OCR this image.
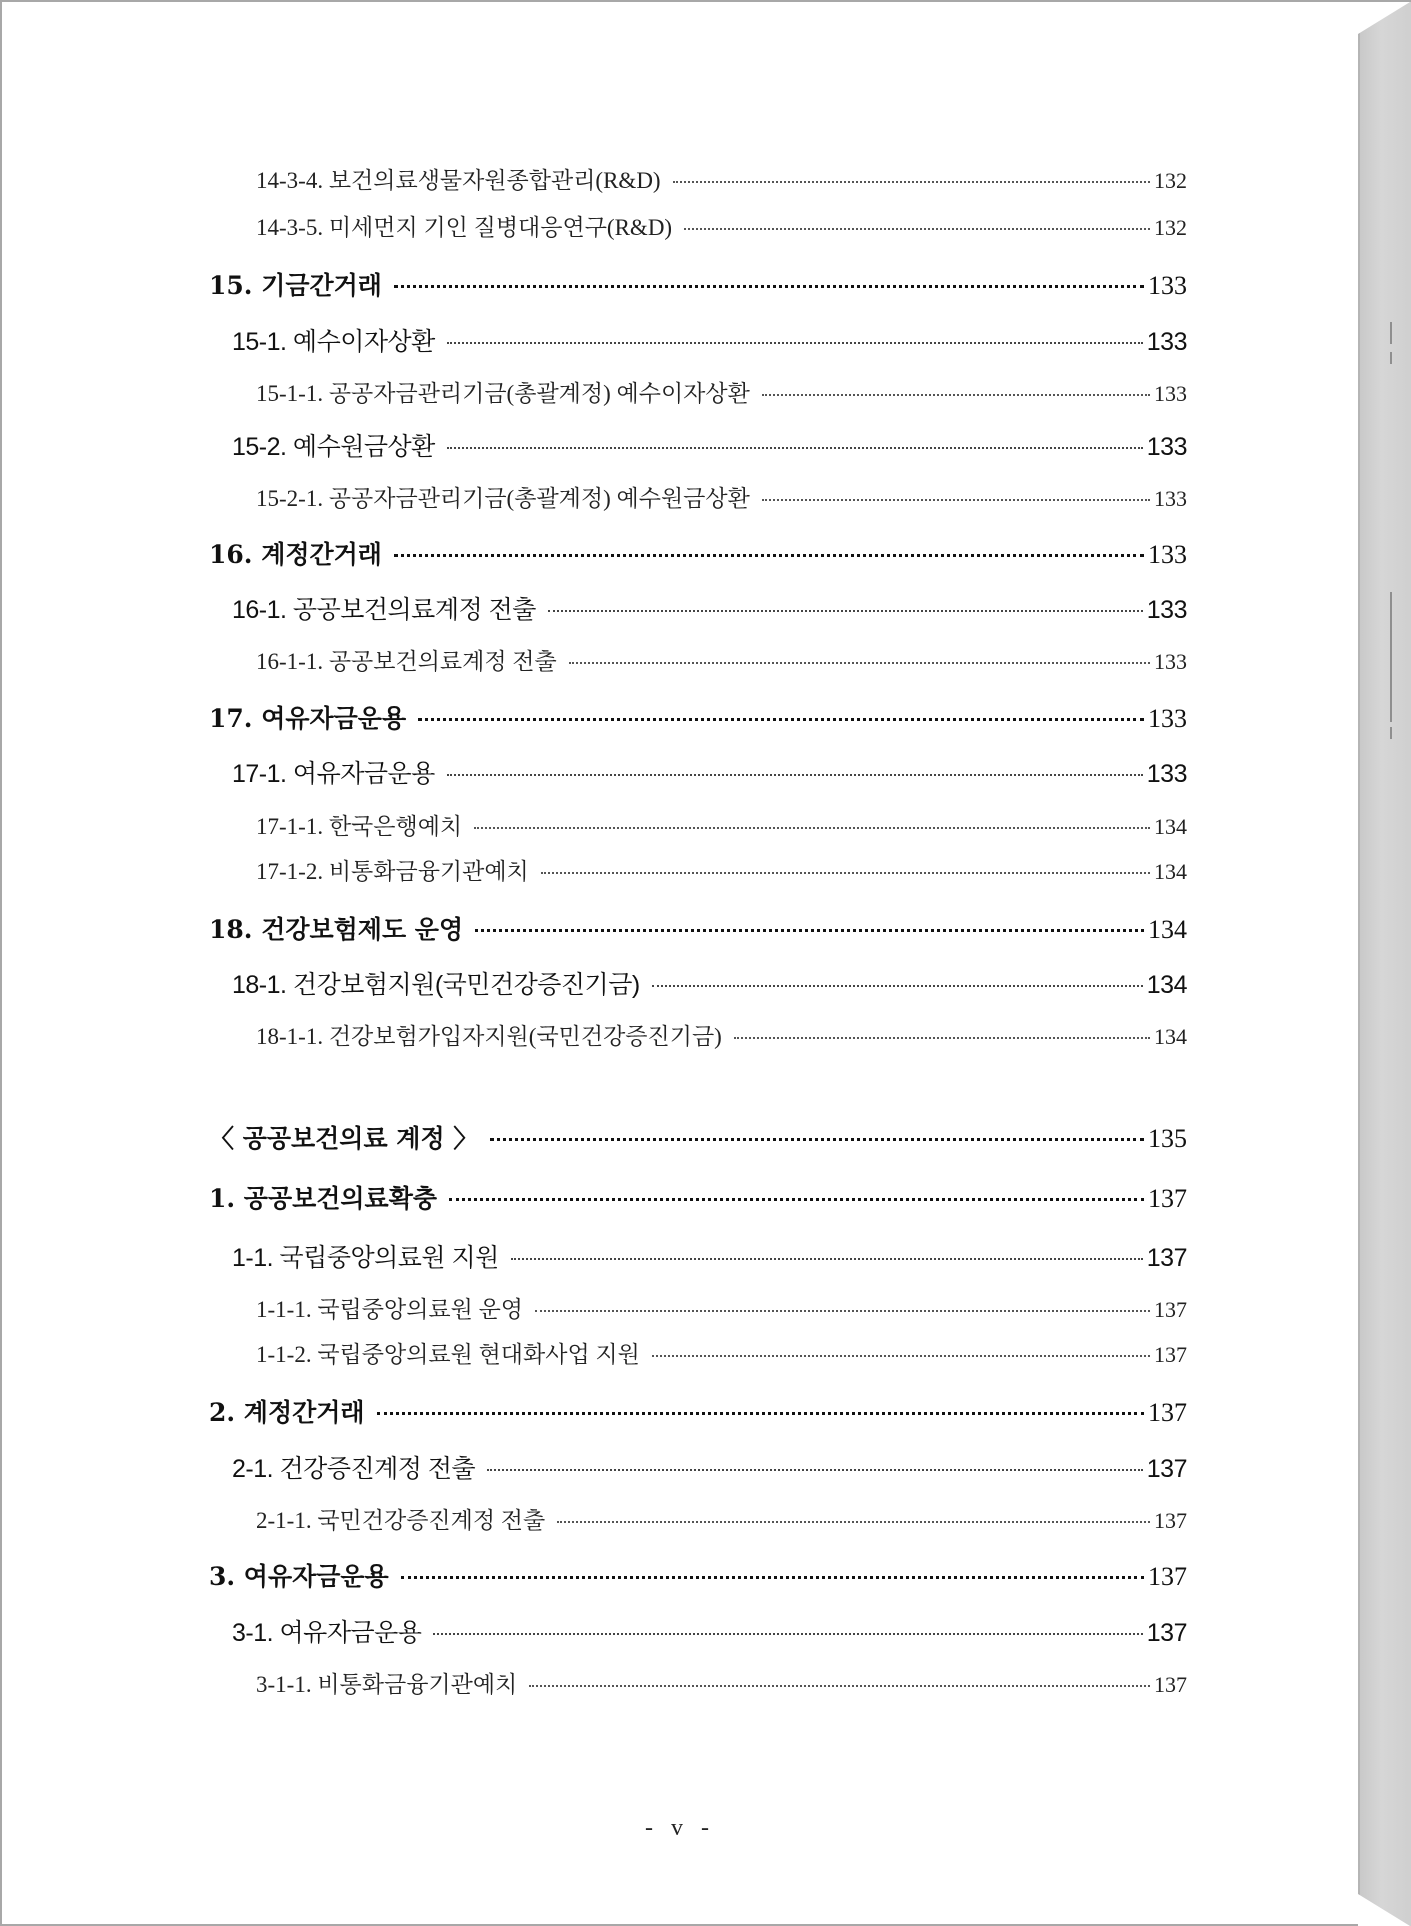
14-3-4. 보건의료생물자원종합관리(R&D)	132
14-3-5. 미세먼지 기인 질병대응연구(R&D)	132
15. 기금간거래	133
15-1. 예수이자상환	133
15-1-1. 공공자금관리기금(총괄계정) 예수이자상환	133
15-2. 예수원금상환	133
15-2-1. 공공자금관리기금(총괄계정) 예수원금상환	133
16. 계정간거래	133
16-1. 공공보건의료계정 전출	133
16-1-1. 공공보건의료계정 전출	133
17. 여유자금운용	133
17-1. 여유자금운용	133
17-1-1. 한국은행예치	134
17-1-2. 비통화금융기관예치	134
18. 건강보험제도 운영	134
18-1. 건강보험지원(국민건강증진기금)	134
18-1-1. 건강보험가입자지원(국민건강증진기금)	134
〈 공공보건의료 계정 〉	135
1. 공공보건의료확충	137
1-1. 국립중앙의료원 지원	137
1-1-1. 국립중앙의료원 운영	137
1-1-2. 국립중앙의료원 현대화사업 지원	137
2. 계정간거래	137
2-1. 건강증진계정 전출	137
2-1-1. 국민건강증진계정 전출	137
3. 여유자금운용	137
3-1. 여유자금운용	137
3-1-1. 비통화금융기관예치	137
- v -
